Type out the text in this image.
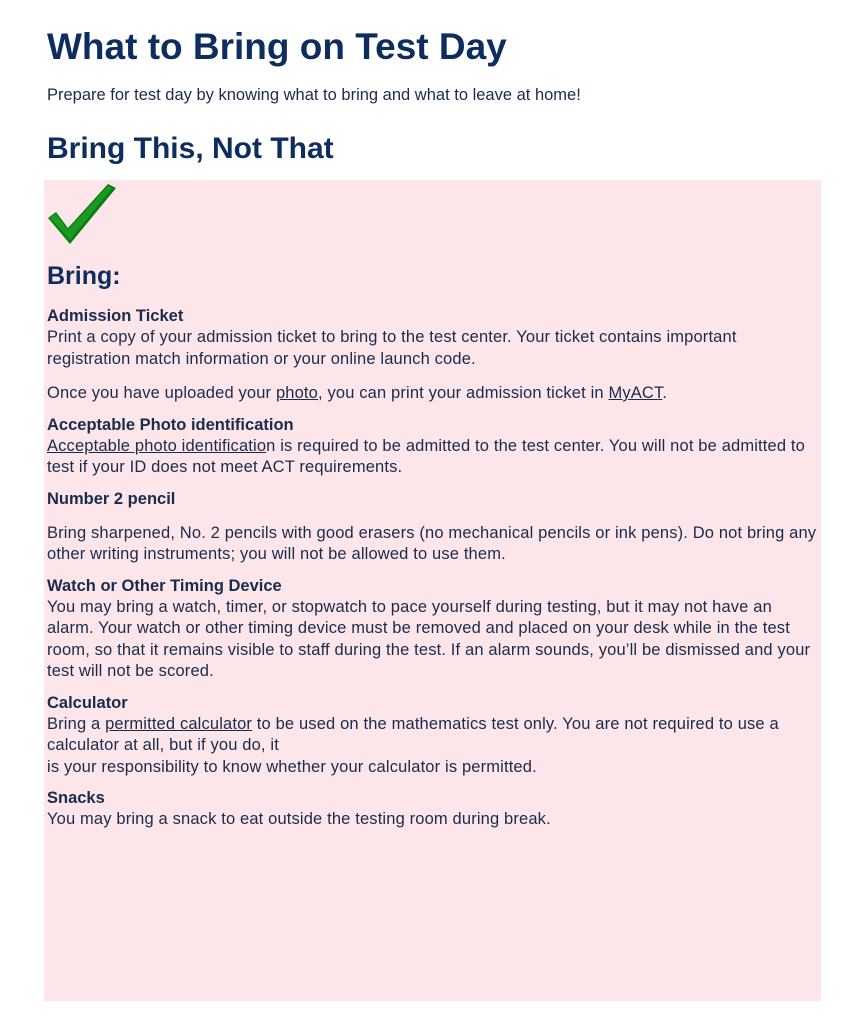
What to Bring on Test Day

Prepare for test day by knowing what to bring and what to leave at home!

Bring This, Not That
Bring:
Admission Ticket

Print a copy of your admission ticket to bring to the test center. Your ticket contains important registration match information or your online launch code.

Once you have uploaded your photo, you can print your admission ticket in MyACT.

Acceptable Photo identification

Acceptable photo identification is required to be admitted to the test center. You will not be admitted to test if your ID does not meet ACT requirements.

Number 2 pencil

Bring sharpened, No. 2 pencils with good erasers (no mechanical pencils or ink pens). Do not bring any other writing instruments; you will not be allowed to use them.

Watch or Other Timing Device

You may bring a watch, timer, or stopwatch to pace yourself during testing, but it may not have an alarm. Your watch or other timing device must be removed and placed on your desk while in the test room, so that it remains visible to staff during the test. If an alarm sounds, you’ll be dismissed and your test will not be scored.

Calculator

Bring a permitted calculator to be used on the mathematics test only. You are not required to use a calculator at all, but if you do, it
is your responsibility to know whether your calculator is permitted.

Snacks

You may bring a snack to eat outside the testing room during break.
